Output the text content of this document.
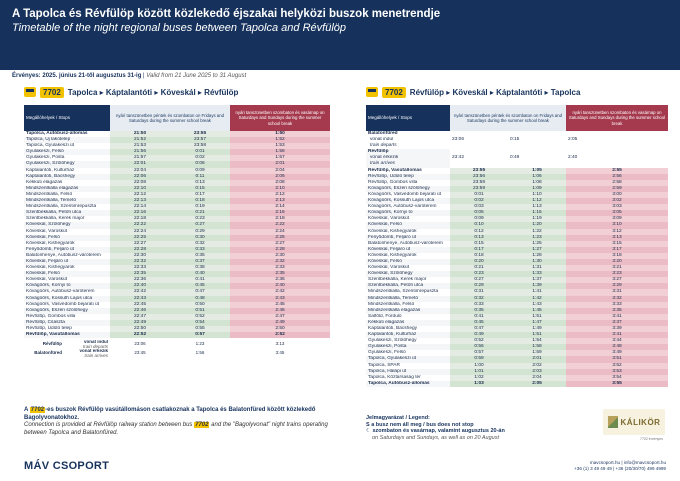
A Tapolca és Révfülöp között közlekedő éjszakai helyközi buszok menetrendje
Timetable of the night regional buses between Tapolca and Révfülöp
Érvényes: 2025. június 21-től augusztus 31-ig | Valid from 21 June 2025 to 31 August
7702 Tapolca ▸ Káptalantóti ▸ Köveskál ▸ Révfülöp
Megállóhelyek / Stops	nyári tanszünetben péntek és szombaton on Fridays and Saturdays during the summer school break		nyári tanszünetben szombaton és vasárnap on Saturdays and Sundays during the summer school break
Tapolca, Autóbusz-állomás	21:50	23:55	1:50
Tapolca, Új lakótelep	21:52	23:57	1:52
Tapolca, Gyulakeszi út	21:53	23:58	1:53
Gyulakeszi, Felső	21:56	0:01	1:56
Gyulakeszi, Posta	21:57	0:02	1:57
Gyulakeszi, Szőlőhegy	22:01	0:06	2:01
Káptalantóti, Kultúrház	22:04	0:09	2:04
Káptalantóti, Bácshegy	22:06	0:11	2:06
Kékkúti elágazás	22:08	0:13	2:08
Mindszentkálla elágazás	22:10	0:15	2:10
Mindszentkálla, Felső	22:12	0:17	2:12
Mindszentkálla, Temető	22:13	0:18	2:13
Mindszentkálla, Szentimrepuszta	22:14	0:19	2:14
Szentbékkálla, Petőfi utca	22:16	0:21	2:16
Szentbékkálla, Kerék major	22:18	0:23	2:18
Köveskál, Szőlőhegy	22:22	0:27	2:22
Köveskál, Városkút	22:24	0:29	2:24
Köveskál, Felső	22:25	0:30	2:25
Köveskál, Kishegyárok	22:27	0:32	2:27
Fenyödomb, Feljáró út	22:28	0:33	2:28
Balatonhenye, Autóbusz-váróterem	22:30	0:35	2:30
Köveskál, Feljáró út	22:32	0:37	2:32
Köveskál, Kishegyárok	22:33	0:38	2:33
Köveskál, Felső	22:35	0:40	2:35
Köveskál, Városkút	22:36	0:41	2:36
Kővágóörs, Kornyi tó	22:40	0:45	2:40
Kővágóörs, Autóbusz-váróterem	22:42	0:47	2:42
Kővágóörs, Kossuth Lajos utca	22:43	0:48	2:43
Kővágóörs, Vasvédomb bejárati út	22:45	0:50	2:45
Kővágóörs, Eszéri szőlőhegy	22:46	0:51	2:46
Révfülöp, Gombos villa	22:47	0:52	2:47
Révfülöp, Császta	22:49	0:54	2:49
Révfülöp, Üdülő telep	22:50	0:55	2:50
Révfülöp, Vasútállomás	22:52	0:57	2:52
Révfülöp	vonat indul
train departs	23:06	1:23	3:13
Balatonfüred	vonat érkezik
train arrives	23:45	1:56	3:45
7702 Révfülöp ▸ Köveskál ▸ Káptalantóti ▸ Tapolca
Megállóhelyek / Stops	nyári tanszünetben péntek és szombaton on Fridays and Saturdays during the summer school break		nyári tanszünetben szombaton és vasárnap on Saturdays and Sundays during the summer school break
Balatonfüredvonat indul
train departs	23:06	0:15	2:05
Révfülöpvonat érkezik
train arrives	23:42	0:49	2:40
Révfülöp, Vasútállomás	23:55	1:05	2:55
Révfülöp, Üdülő telep	23:56	1:06	2:56
Révfülöp, Gombos villa	23:58	1:08	2:58
Kővágóörs, Eszéri szőlőhegy	23:59	1:09	2:59
Kővágóörs, Vasvédomb bejárati út	0:01	1:10	3:00
Kővágóörs, Kossuth Lajos utca	0:02	1:12	3:02
Kővágóörs, Autóbusz-váróterem	0:03	1:13	3:03
Kővágóörs, Kornyi tó	0:05	1:15	3:05
Köveskál, Városkút	0:09	1:19	3:09
Köveskál, Felső	0:10	1:20	3:10
Köveskál, Kishegyárok	0:12	1:22	3:12
Fenyödomb, Feljáró út	0:13	1:23	3:13
Balatonhenye, Autóbusz-váróterem	0:15	1:25	3:15
Köveskál, Feljáró út	0:17	1:27	3:17
Köveskál, Kishegyárok	0:18	1:28	3:18
Köveskál, Felső	0:20	1:30	3:20
Köveskál, Városkút	0:21	1:31	3:21
Köveskál, Szőlőhegy	0:23	1:33	3:23
Szentbékkálla, Kerék major	0:27	1:37	3:27
Szentbékkálla, Petőfi utca	0:29	1:39	3:29
Mindszentkálla, Szentimrepuszta	0:31	1:41	3:31
Mindszentkálla, Temető	0:32	1:42	3:32
Mindszentkálla, Felső	0:33	1:43	3:33
Mindszentkálla elágazás	0:35	1:45	3:35
Salföld, Forduló	0:41	1:51	3:41
Kékkúti elágazás	0:45	1:47	3:37
Káptalantóti, Bácshegy	0:47	1:49	3:39
Káptalantóti, Kultúrház	0:49	1:51	3:41
Gyulakeszi, Szőlőhegy	0:52	1:54	3:44
Gyulakeszi, Posta	0:56	1:58	3:48
Gyulakeszi, Felső	0:57	1:59	3:49
Tapolca, Gyulakeszi út	0:59	2:01	3:51
Tapolca, SPAR	1:00	2:02	3:52
Tapolca, Hálápi út	1:01	2:03	3:53
Tapolca, Köztársaság tér	1:02	2:04	3:54
Tapolca, Autóbusz-állomás	1:03	2:05	3:55
A 7702-es buszok Révfülöp vasútállomáson csatlakoznak a Tapolca és Balatonfüred között közlekedő Bagolyvonatokhoz.
Connection is provided at Révfülöp railway station between bus 7702 and the "Bagolyvonat" night trains operating between Tapolca and Balatonfüred.
Jelmagyarázat / Legend:
S a busz nem áll meg / bus does not stop
☾ szombaton és vasárnap, valamint augusztus 20-án
on Saturdays and Sundays, as well as on 20 August
KÁLIKÖR
7702 érvényes
MÁV CSOPORT	mavcsoport.hu | info@mavcsoport.hu
+36 (1) 3 49 49 49 | +36 (20/30/70) 499 4999
